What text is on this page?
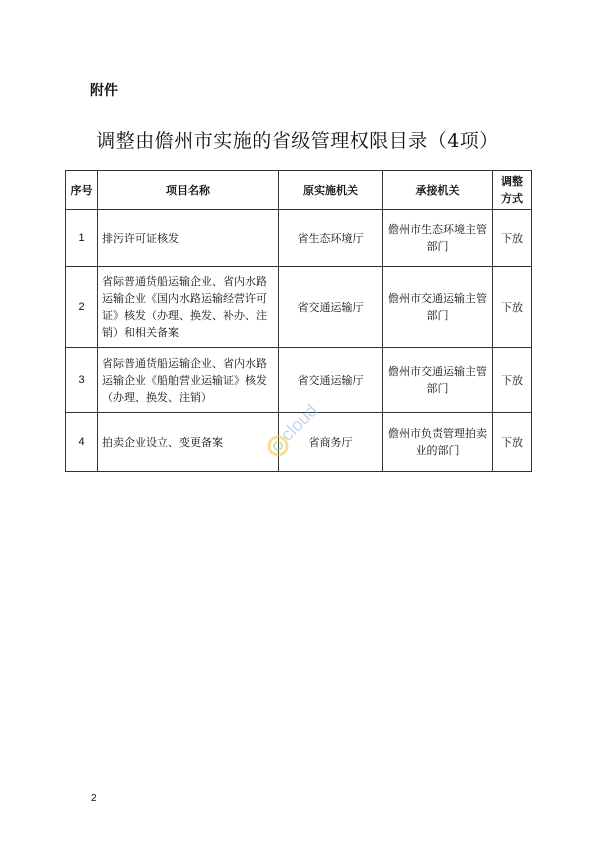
附件
调整由儋州市实施的省级管理权限目录（4项）
序号	项目名称	原实施机关	承接机关	调整方式
1	排污许可证核发	省生态环境厅	儋州市生态环境主管部门	下放
2	省际普通货船运输企业、省内水路运输企业《国内水路运输经营许可证》核发（办理、换发、补办、注销）和相关备案	省交通运输厅	儋州市交通运输主管部门	下放
3	省际普通货船运输企业、省内水路运输企业《船舶营业运输证》核发（办理、换发、注销）	省交通运输厅	儋州市交通运输主管部门	下放
4	拍卖企业设立、变更备案	省商务厅	儋州市负责管理拍卖业的部门	下放
cloud
2
